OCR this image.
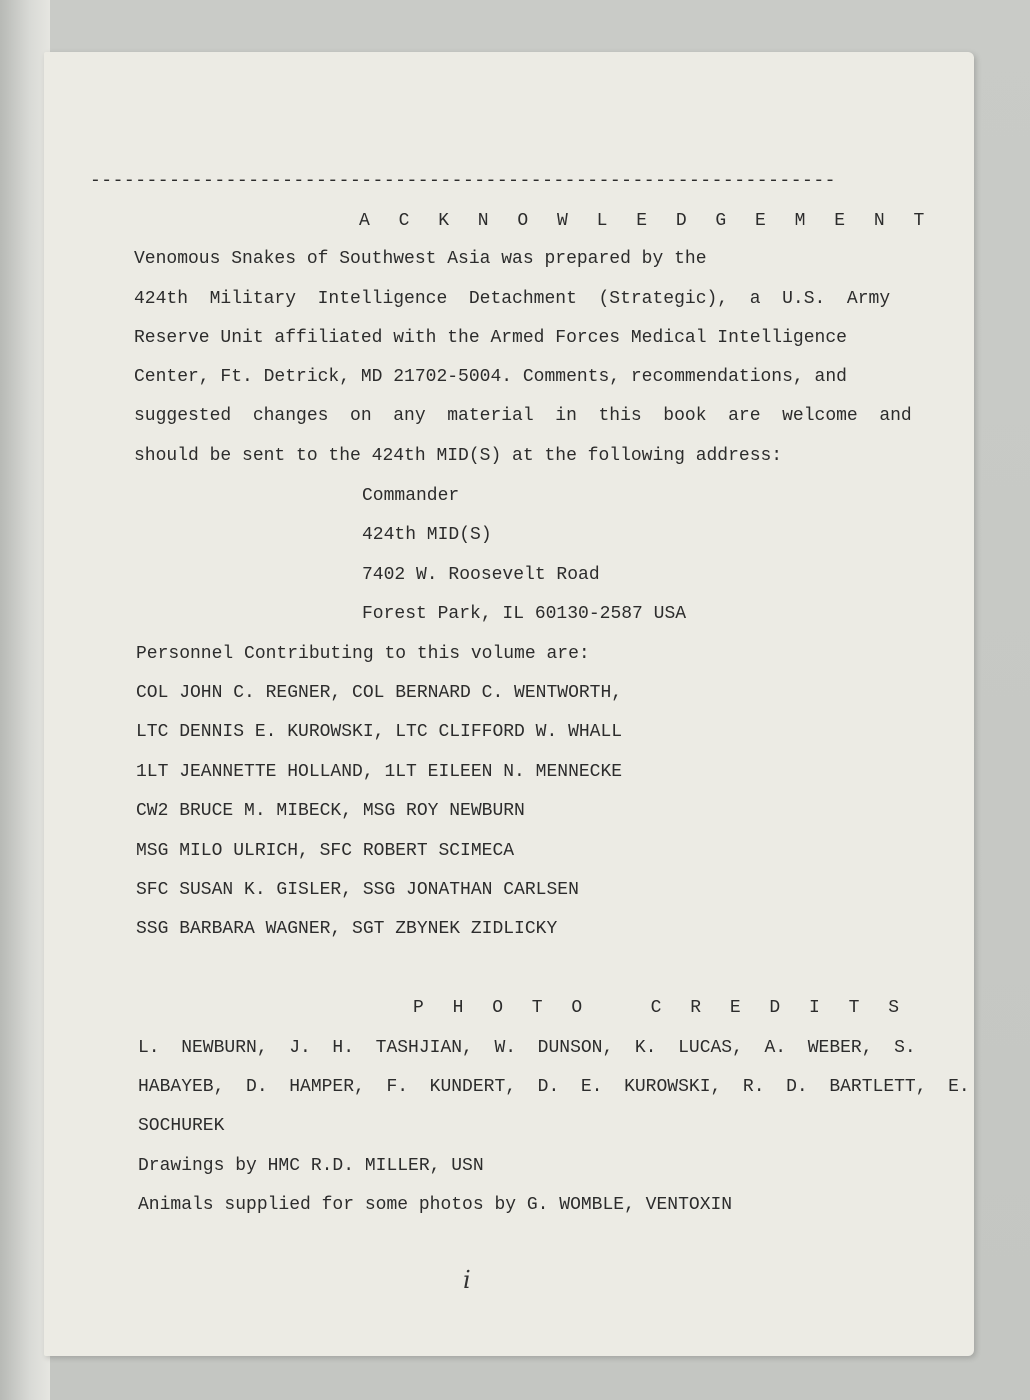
------------------------------------------------------------------
A C K N O W L E D G E M E N T
Venomous Snakes of Southwest Asia was prepared by the
424th  Military  Intelligence  Detachment  (Strategic),  a  U.S.  Army
Reserve Unit affiliated with the Armed Forces Medical Intelligence
Center, Ft. Detrick, MD 21702-5004. Comments, recommendations, and
suggested  changes  on  any  material  in  this  book  are  welcome  and
should be sent to the 424th MID(S) at the following address:
Commander
424th MID(S)
7402 W. Roosevelt Road
Forest Park, IL 60130-2587 USA
Personnel Contributing to this volume are:
COL JOHN C. REGNER, COL BERNARD C. WENTWORTH,
LTC DENNIS E. KUROWSKI, LTC CLIFFORD W. WHALL
1LT JEANNETTE HOLLAND, 1LT EILEEN N. MENNECKE
CW2 BRUCE M. MIBECK, MSG ROY NEWBURN
MSG MILO ULRICH, SFC ROBERT SCIMECA
SFC SUSAN K. GISLER, SSG JONATHAN CARLSEN
SSG BARBARA WAGNER, SGT ZBYNEK ZIDLICKY
P H O T O   C R E D I T S
L.  NEWBURN,  J.  H.  TASHJIAN,  W.  DUNSON,  K.  LUCAS,  A.  WEBER,  S.
HABAYEB,  D.  HAMPER,  F.  KUNDERT,  D.  E.  KUROWSKI,  R.  D.  BARTLETT,  E.
SOCHUREK
Drawings by HMC R.D. MILLER, USN
Animals supplied for some photos by G. WOMBLE, VENTOXIN
i
